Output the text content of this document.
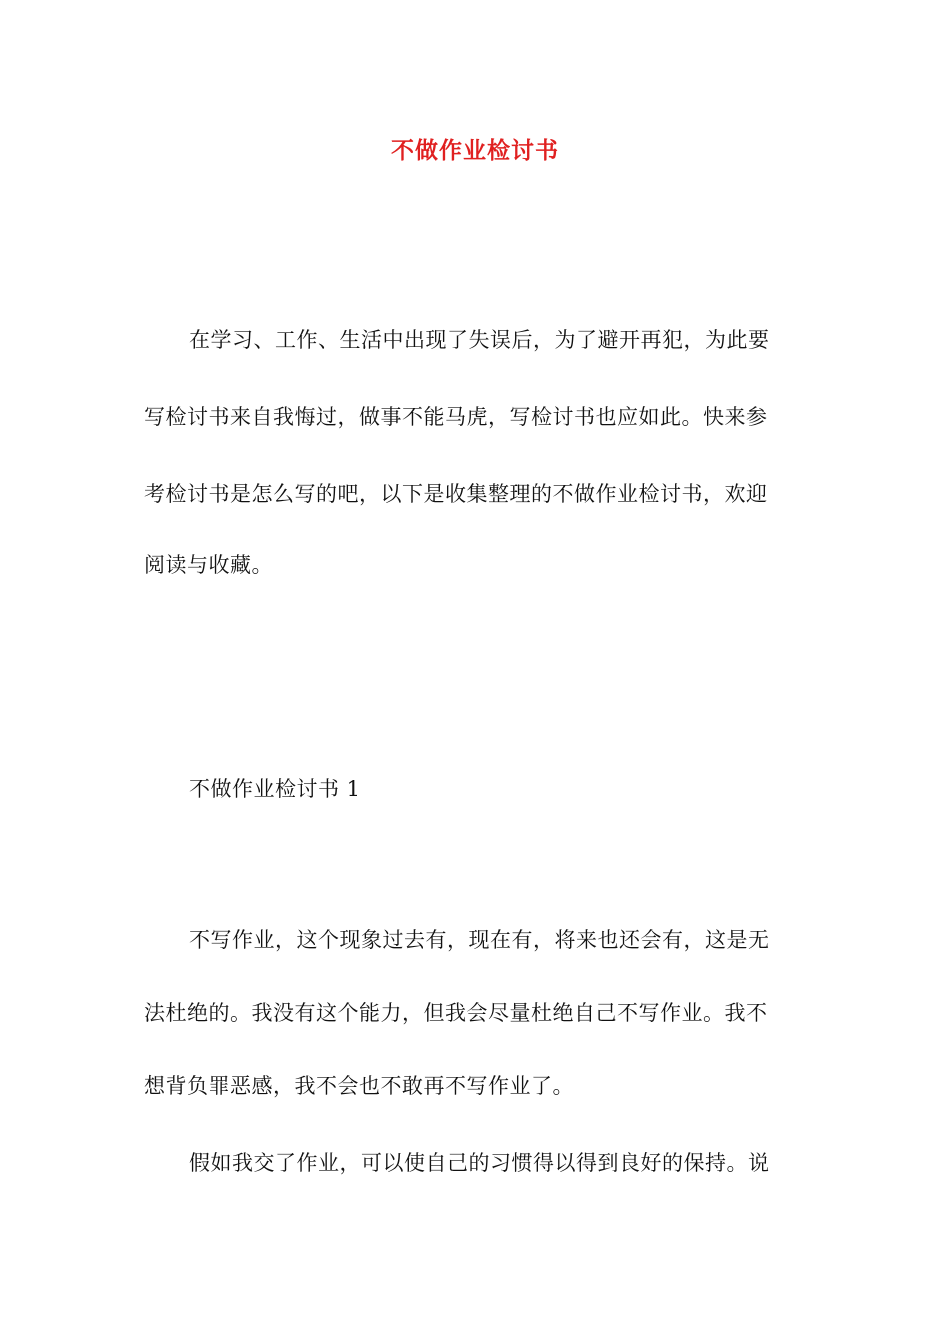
不做作业检讨书
在学习、工作、生活中出现了失误后，为了避开再犯，为此要
写检讨书来自我悔过，做事不能马虎，写检讨书也应如此。快来参
考检讨书是怎么写的吧，以下是收集整理的不做作业检讨书，欢迎
阅读与收藏。
不做作业检讨书 1
不写作业，这个现象过去有，现在有，将来也还会有，这是无
法杜绝的。我没有这个能力，但我会尽量杜绝自己不写作业。我不
想背负罪恶感，我不会也不敢再不写作业了。
假如我交了作业，可以使自己的习惯得以得到良好的保持。说
